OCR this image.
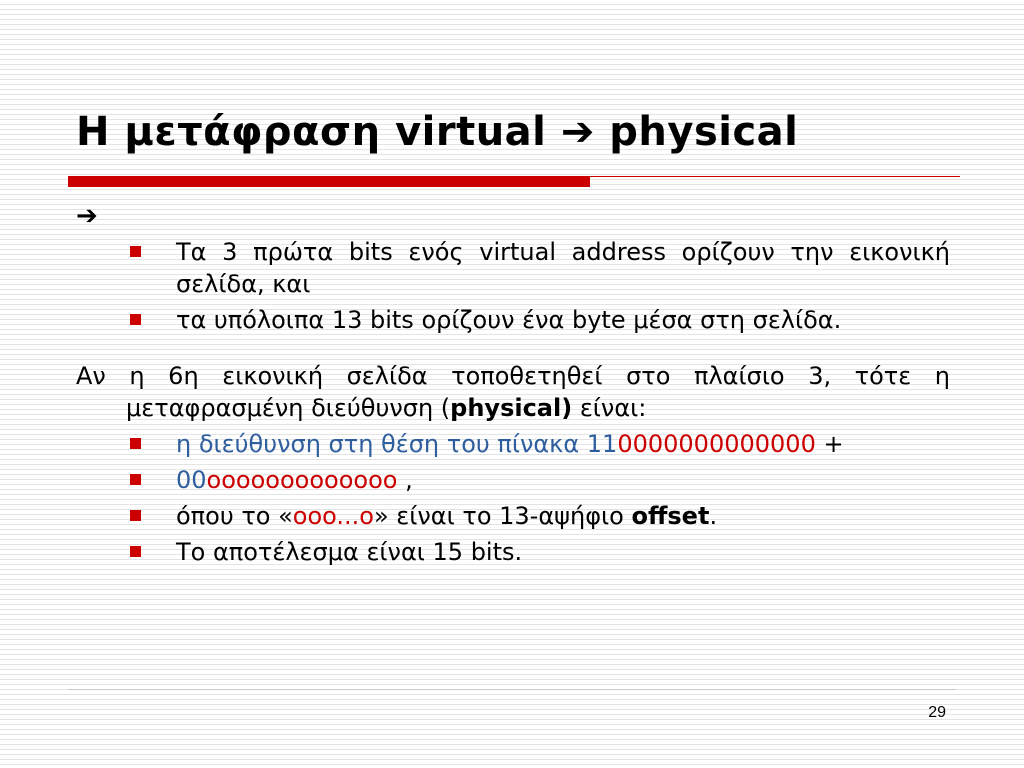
Η μετάφραση virtual ➔ physical
➔
Τα 3 πρώτα bits ενός virtual address ορίζουν την εικονική σελίδα, και
τα υπόλοιπα 13 bits ορίζουν ένα byte μέσα στη σελίδα.
Αν η 6η εικονική σελίδα τοποθετηθεί στο πλαίσιο 3, τότε η μεταφρασμένη διεύθυνση (physical) είναι:
η διεύθυνση στη θέση του πίνακα 110000000000000 +
00ooooooooooooo ,
όπου το «ooo...o» είναι το 13-αψήφιο offset.
Το αποτέλεσμα είναι 15 bits.
29
